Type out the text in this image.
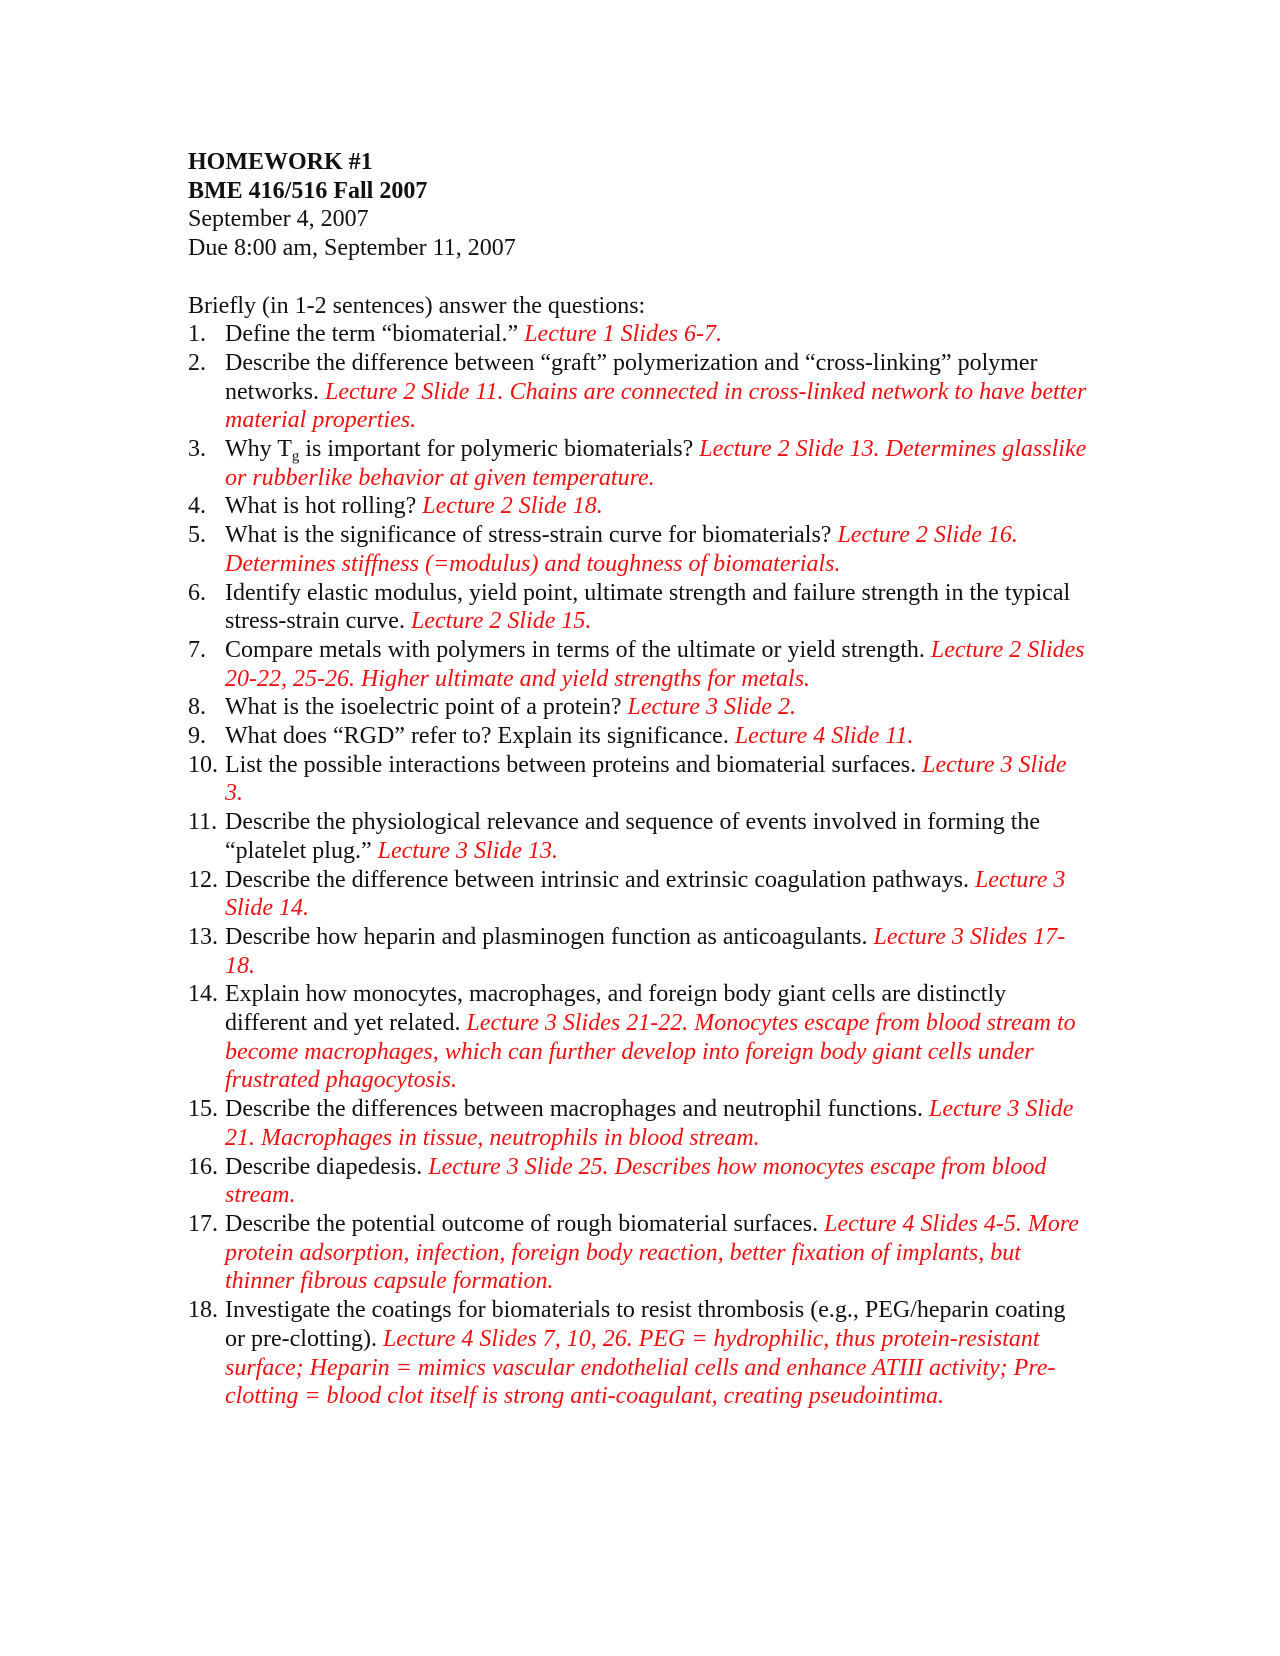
HOMEWORK #1
BME 416/516 Fall 2007
September 4, 2007
Due 8:00 am, September 11, 2007
Briefly (in 1-2 sentences) answer the questions:
1. Define the term “biomaterial.” Lecture 1 Slides 6-7.
2. Describe the difference between “graft” polymerization and “cross-linking” polymer networks. Lecture 2 Slide 11. Chains are connected in cross-linked network to have better material properties.
3. Why $T_g$ is important for polymeric biomaterials? Lecture 2 Slide 13. Determines glasslike or rubberlike behavior at given temperature.
4. What is hot rolling? Lecture 2 Slide 18.
5. What is the significance of stress-strain curve for biomaterials? Lecture 2 Slide 16. Determines stiffness (=modulus) and toughness of biomaterials.
6. Identify elastic modulus, yield point, ultimate strength and failure strength in the typical stress-strain curve. Lecture 2 Slide 15.
7. Compare metals with polymers in terms of the ultimate or yield strength. Lecture 2 Slides 20-22, 25-26. Higher ultimate and yield strengths for metals.
8. What is the isoelectric point of a protein? Lecture 3 Slide 2.
9. What does “RGD” refer to? Explain its significance. Lecture 4 Slide 11.
10. List the possible interactions between proteins and biomaterial surfaces. Lecture 3 Slide 3.
11. Describe the physiological relevance and sequence of events involved in forming the “platelet plug.” Lecture 3 Slide 13.
12. Describe the difference between intrinsic and extrinsic coagulation pathways. Lecture 3 Slide 14.
13. Describe how heparin and plasminogen function as anticoagulants. Lecture 3 Slides 17-18.
14. Explain how monocytes, macrophages, and foreign body giant cells are distinctly different and yet related. Lecture 3 Slides 21-22. Monocytes escape from blood stream to become macrophages, which can further develop into foreign body giant cells under frustrated phagocytosis.
15. Describe the differences between macrophages and neutrophil functions. Lecture 3 Slide 21. Macrophages in tissue, neutrophils in blood stream.
16. Describe diapedesis. Lecture 3 Slide 25. Describes how monocytes escape from blood stream.
17. Describe the potential outcome of rough biomaterial surfaces. Lecture 4 Slides 4-5. More protein adsorption, infection, foreign body reaction, better fixation of implants, but thinner fibrous capsule formation.
18. Investigate the coatings for biomaterials to resist thrombosis (e.g., PEG/heparin coating or pre-clotting). Lecture 4 Slides 7, 10, 26. PEG = hydrophilic, thus protein-resistant surface; Heparin = mimics vascular endothelial cells and enhance ATIII activity; Pre-clotting = blood clot itself is strong anti-coagulant, creating pseudointima.
